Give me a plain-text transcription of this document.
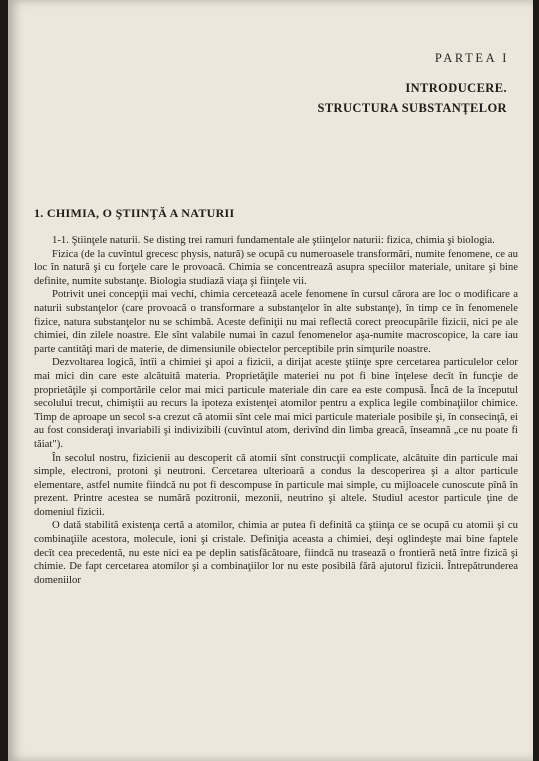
PARTEA I
INTRODUCERE.
STRUCTURA SUBSTANŢELOR
1. CHIMIA, O ŞTIINŢĂ A NATURII

1-1. Ştiinţele naturii. Se disting trei ramuri fundamentale ale ştiinţelor naturii: fizica, chimia şi biologia.

Fizica (de la cuvîntul grecesc physis, natură) se ocupă cu numeroasele transformări, numite fenomene, ce au loc în natură şi cu forţele care le provoacă. Chimia se concentrează asupra speciilor materiale, unitare şi bine definite, numite substanţe. Biologia studiază viaţa şi fiinţele vii.

Potrivit unei concepţii mai vechi, chimia cercetează acele fenomene în cursul cărora are loc o modificare a naturii substanţelor (care provoacă o transformare a substanţelor în alte substanţe), în timp ce în fenomenele fizice, natura substanţelor nu se schimbă. Aceste definiţii nu mai reflectă corect preocupările fizicii, nici pe ale chimiei, din zilele noastre. Ele sînt valabile numai în cazul fenomenelor aşa-numite macroscopice, la care iau parte cantităţi mari de materie, de dimensiunile obiectelor perceptibile prin simţurile noastre.

Dezvoltarea logică, întîi a chimiei şi apoi a fizicii, a dirijat aceste ştiinţe spre cercetarea particulelor celor mai mici din care este alcătuită materia. Proprietăţile materiei nu pot fi bine înţelese decît în funcţie de proprietăţile şi comportările celor mai mici particule materiale din care ea este compusă. Încă de la începutul secolului trecut, chimiştii au recurs la ipoteza existenţei atomilor pentru a explica legile combinaţiilor chimice. Timp de aproape un secol s-a crezut că atomii sînt cele mai mici particule materiale posibile şi, în consecinţă, ei au fost consideraţi invariabili şi indivizibili (cuvîntul atom, derivînd din limba greacă, înseamnă „ce nu poate fi tăiat").

În secolul nostru, fizicienii au descoperit că atomii sînt construcţii complicate, alcătuite din particule mai simple, electroni, protoni şi neutroni. Cercetarea ulterioară a condus la descoperirea şi a altor particule elementare, astfel numite fiindcă nu pot fi descompuse în particule mai simple, cu mijloacele cunoscute pînă în prezent. Printre acestea se numără pozitronii, mezonii, neutrino şi altele. Studiul acestor particule ţine de domeniul fizicii.

O dată stabilită existenţa certă a atomilor, chimia ar putea fi definită ca ştiinţa ce se ocupă cu atomii şi cu combinaţiile acestora, molecule, ioni şi cristale. Definiţia aceasta a chimiei, deşi oglindeşte mai bine faptele decît cea precedentă, nu este nici ea pe deplin satisfăcătoare, fiindcă nu trasează o frontieră netă între fizică şi chimie. De fapt cercetarea atomilor şi a combinaţiilor lor nu este posibilă fără ajutorul fizicii. Întrepătrunderea domeniilor
